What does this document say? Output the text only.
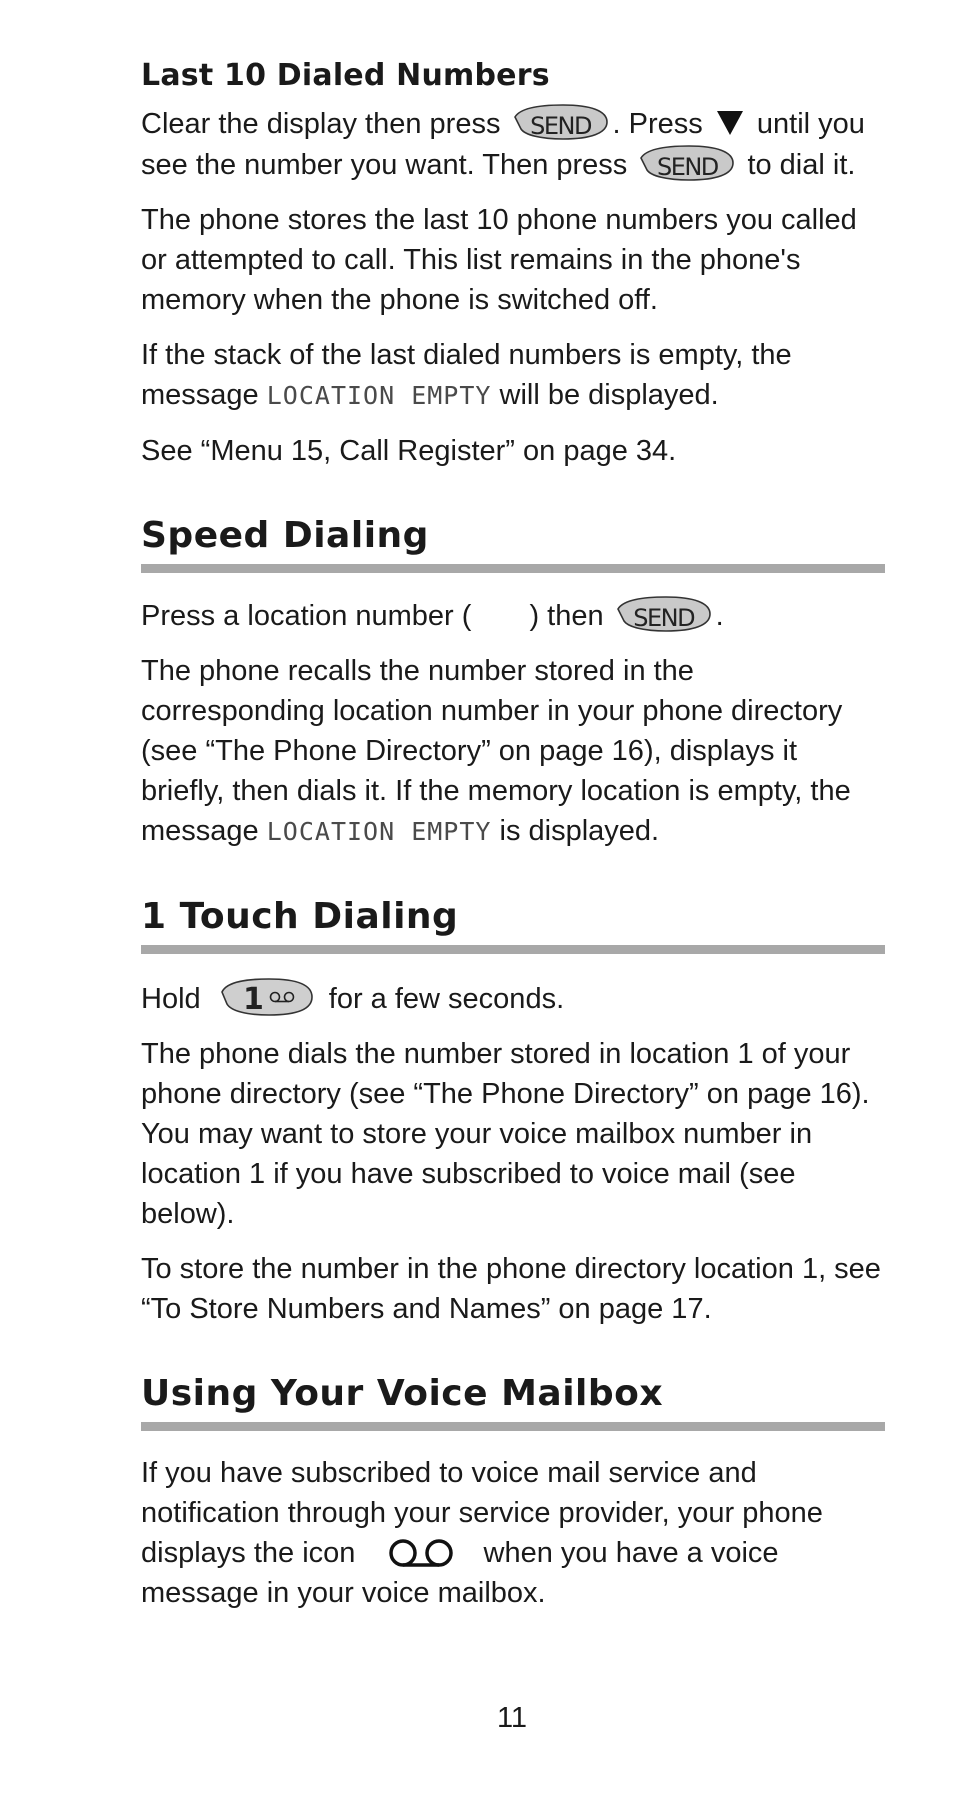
Last 10 Dialed Numbers

Clear the display then press	SEND . Press until you see the number you want. Then press	SEND	to dial it.

The phone stores the last 10 phone numbers you called or attempted to call. This list remains in the phone's memory when the phone is switched off.

If the stack of the last dialed numbers is empty, the message LOCATION EMPTY will be displayed.

See “Menu 15, Call Register” on page 34.

Speed Dialing

Press a location number ( ) then	SEND .

The phone recalls the number stored in the corresponding location number in your phone directory (see “The Phone Directory” on page 16), displays it briefly, then dials it. If the memory location is empty, the message LOCATION EMPTY is displayed.

1 Touch Dialing

Hold 1 for a few seconds.

The phone dials the number stored in location 1 of your phone directory (see “The Phone Directory” on page 16). You may want to store your voice mailbox number in location 1 if you have subscribed to voice mail (see below).

To store the number in the phone directory location 1, see “To Store Numbers and Names” on page 17.

Using Your Voice Mailbox

If you have subscribed to voice mail service and notification through your service provider, your phone displays the icon	when you have a voice message in your voice mailbox.

11
